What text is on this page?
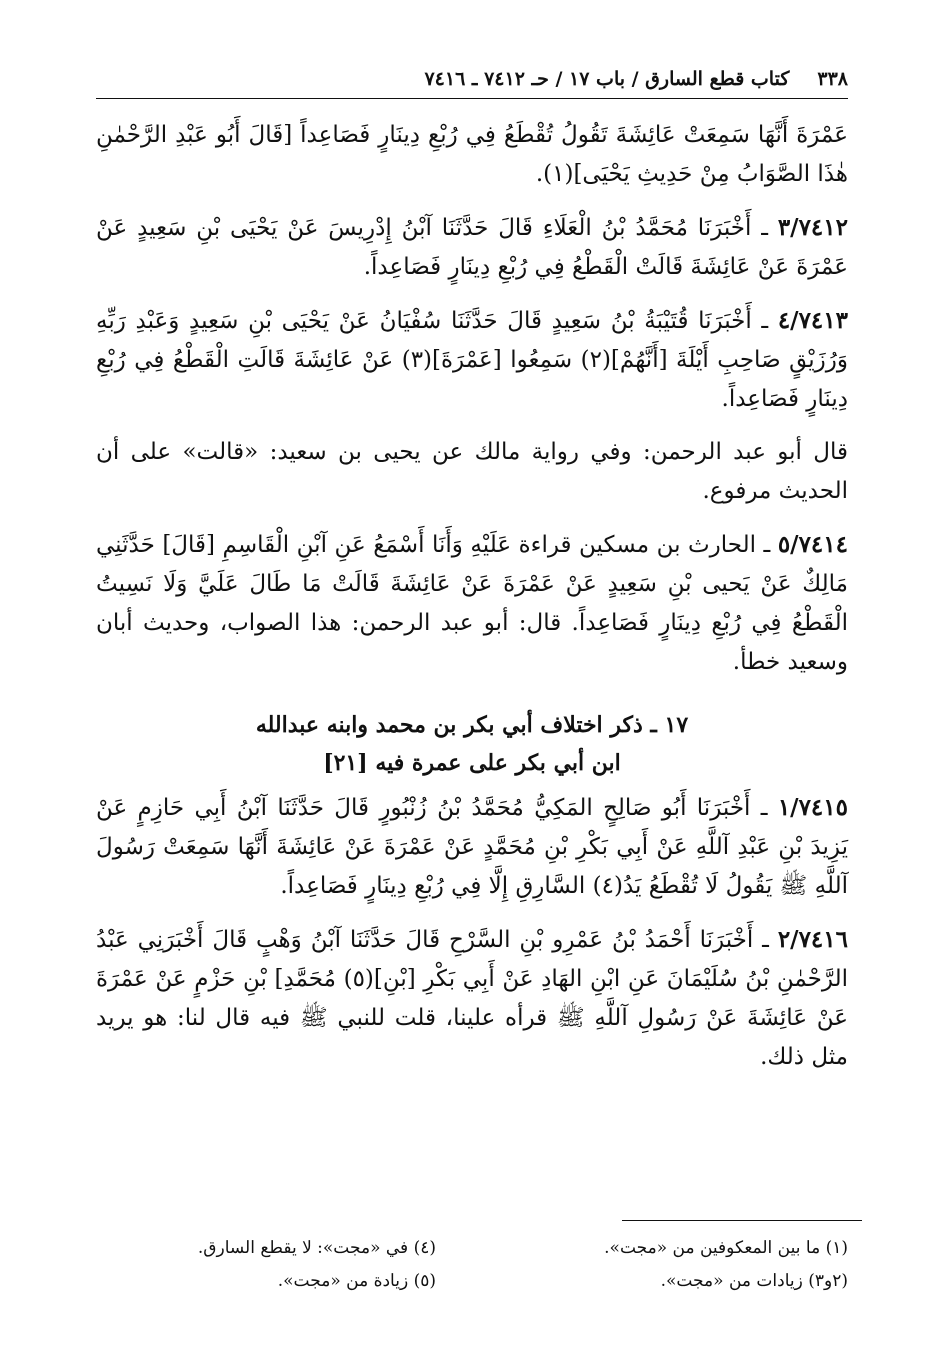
٣٣٨
كتاب قطع السارق / باب ١٧ / حـ ٧٤١٢ ـ ٧٤١٦

عَمْرَةَ أَنَّهَا سَمِعَتْ عَائِشَةَ تَقُولُ تُقْطَعُ فِي رُبْعِ دِينَارٍ فَصَاعِداً [قَالَ أَبُو عَبْدِ الرَّحْمٰنِ هٰذَا الصَّوَابُ مِنْ حَدِيثِ يَحْيَى](١).

٣/٧٤١٢ ـ أَخْبَرَنَا مُحَمَّدُ بْنُ الْعَلَاءِ قَالَ حَدَّثَنَا آبْنُ إِدْرِيسَ عَنْ يَحْيَى بْنِ سَعِيدٍ عَنْ عَمْرَةَ عَنْ عَائِشَةَ قَالَتْ الْقَطْعُ فِي رُبْعِ دِينَارٍ فَصَاعِداً.

٤/٧٤١٣ ـ أَخْبَرَنَا قُتَيْبَةُ بْنُ سَعِيدٍ قَالَ حَدَّثَنَا سُفْيَانُ عَنْ يَحْيَى بْنِ سَعِيدٍ وَعَبْدِ رَبِّهِ وَرُزَيْقٍ صَاحِبِ أَيْلَةَ [أَنَّهُمْ](٢) سَمِعُوا [عَمْرَةَ](٣) عَنْ عَائِشَةَ قَالَتِ الْقَطْعُ فِي رُبْعِ دِينَارٍ فَصَاعِداً.

قال أبو عبد الرحمن: وفي رواية مالك عن يحيى بن سعيد: «قالت» على أن الحديث مرفوع.

٥/٧٤١٤ ـ الحارث بن مسكين قراءة عَلَيْهِ وَأَنَا أَسْمَعُ عَنِ آبْنِ الْقَاسِمِ [قَالَ] حَدَّثَنِي مَالِكٌ عَنْ يَحيى بْنِ سَعِيدٍ عَنْ عَمْرَةَ عَنْ عَائِشَةَ قَالَتْ مَا طَالَ عَلَيَّ وَلَا نَسِيتُ الْقَطْعُ فِي رُبْعِ دِينَارٍ فَصَاعِداً. قال: أبو عبد الرحمن: هذا الصواب، وحديث أبان وسعيد خطأ.

١٧ ـ ذكر اختلاف أبي بكر بن محمد وابنه عبدالله
ابن أبي بكر على عمرة فيه [٢١]

١/٧٤١٥ ـ أَخْبَرَنَا أَبُو صَالِحٍ المَكِيُّ مُحَمَّدُ بْنُ زُنْبُورٍ قَالَ حَدَّثَنَا آبْنُ أَبِي حَازِمٍ عَنْ يَزِيدَ بْنِ عَبْدِ آللَّهِ عَنْ أَبِي بَكْرِ بْنِ مُحَمَّدٍ عَنْ عَمْرَةَ عَنْ عَائِشَةَ أَنَّهَا سَمِعَتْ رَسُولَ آللَّهِ ﷺ يَقُولُ لَا تُقْطَعُ يَدُ(٤) السَّارِقِ إِلَّا فِي رُبْعِ دِينَارٍ فَصَاعِداً.

٢/٧٤١٦ ـ أَخْبَرَنَا أَحْمَدُ بْنُ عَمْرِو بْنِ السَّرْحِ قَالَ حَدَّثَنَا آبْنُ وَهْبٍ قَالَ أَخْبَرَنِي عَبْدُ الرَّحْمٰنِ بْنُ سُلَيْمَانَ عَنِ ابْنِ الهَادِ عَنْ أَبِي بَكْرِ [بْنِ](٥) مُحَمَّدِ] بْنِ حَزْمٍ عَنْ عَمْرَةَ عَنْ عَائِشَةَ عَنْ رَسُولِ آللَّهِ ﷺ قرأه علينا، قلت للنبي ﷺ فيه قال لنا: هو يريد مثل ذلك.

(١) ما بين المعكوفين من «مجت».
(٢و٣) زيادات من «مجت».
(٤) في «مجت»: لا يقطع السارق.
(٥) زيادة من «مجت».
